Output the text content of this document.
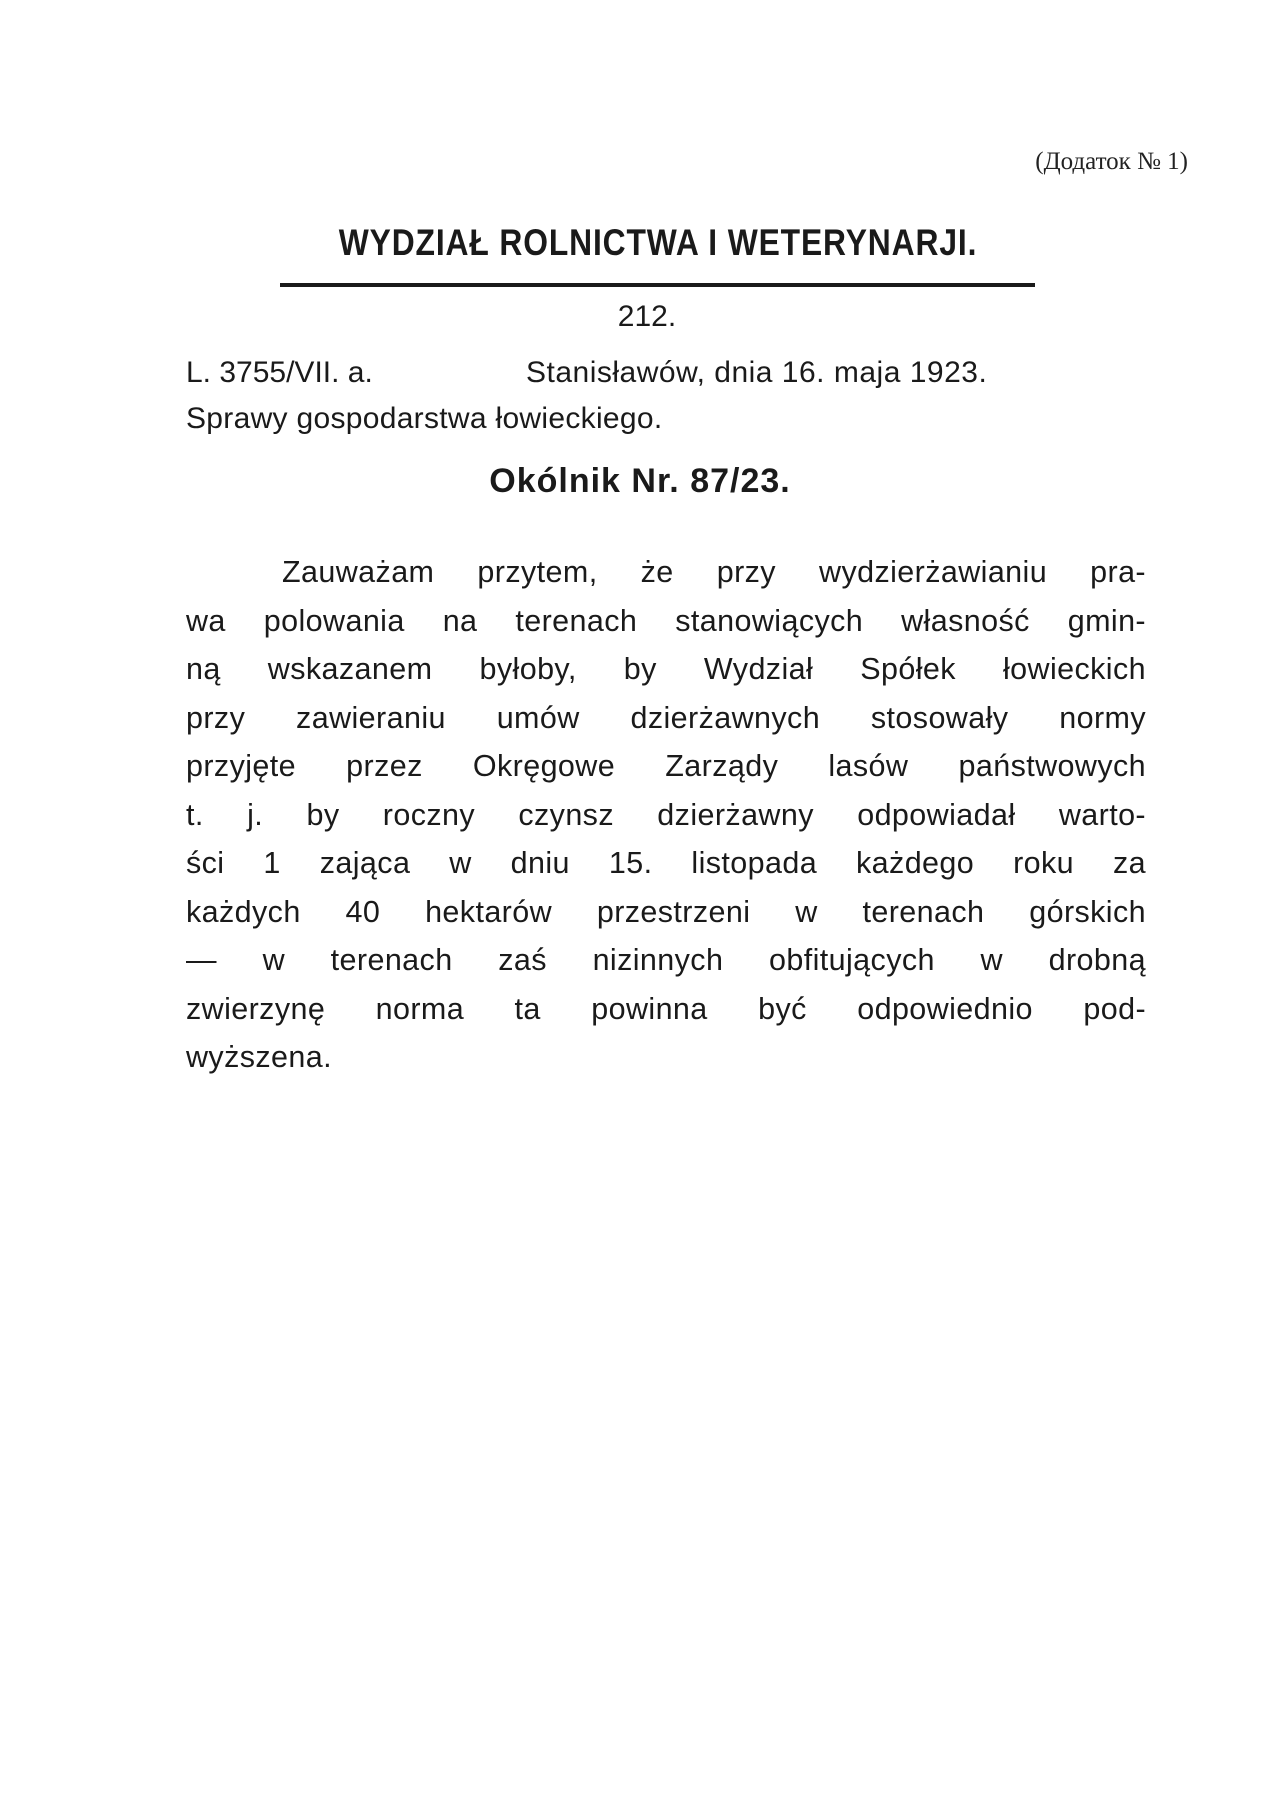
(Додаток № 1)
WYDZIAŁ ROLNICTWA I WETERYNARJI.
212.
L. 3755/VII. a.	Stanisławów, dnia 16. maja 1923.
Sprawy gospodarstwa łowieckiego.
Okólnik Nr. 87/23.
Zauważam przytem, że przy wydzierżawianiu pra-
wa polowania na terenach stanowiących własność gmin-
ną wskazanem byłoby, by Wydział Spółek łowieckich
przy zawieraniu umów dzierżawnych stosowały normy
przyjęte przez Okręgowe Zarządy lasów państwowych
t. j. by roczny czynsz dzierżawny odpowiadał warto-
ści 1 zająca w dniu 15. listopada każdego roku za
każdych 40 hektarów przestrzeni w terenach górskich
— w terenach zaś nizinnych obfitujących w drobną
zwierzynę norma ta powinna być odpowiednio pod-
wyższena.
